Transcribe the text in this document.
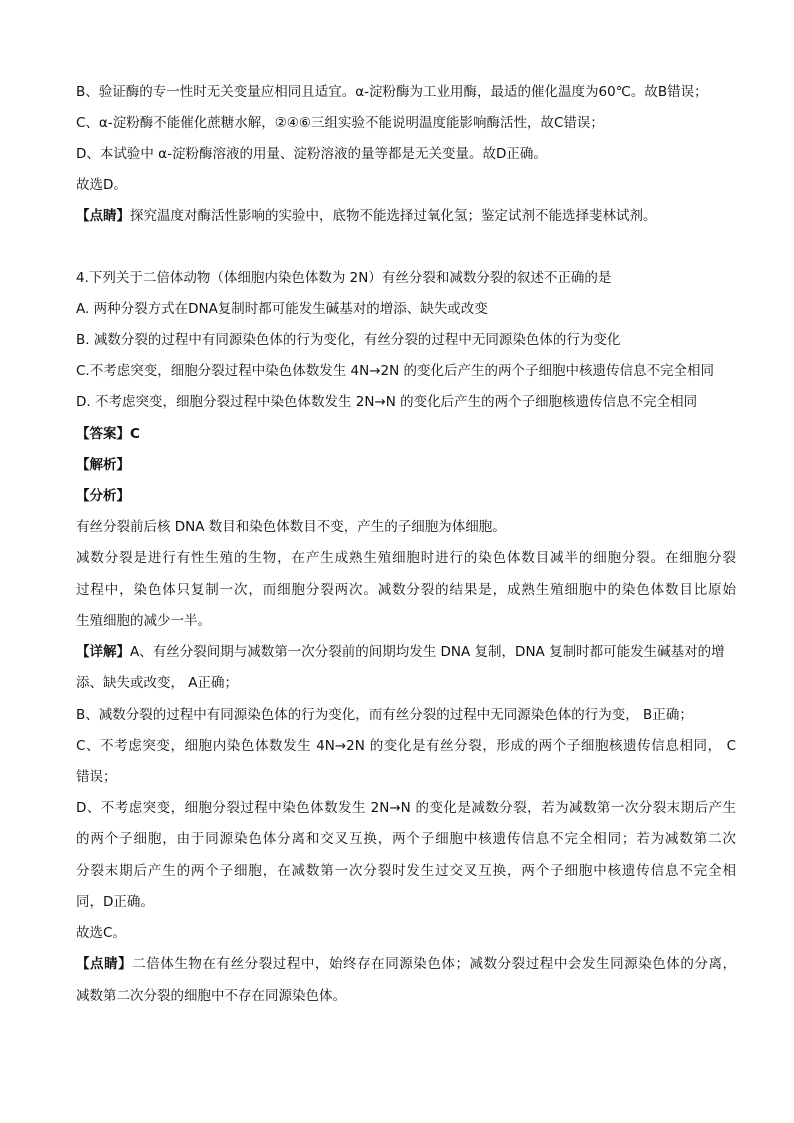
B、验证酶的专一性时无关变量应相同且适宜。α-淀粉酶为工业用酶，最适的催化温度为60℃。故B错误；
C、α-淀粉酶不能催化蔗糖水解，②④⑥三组实验不能说明温度能影响酶活性，故C错误；
D、本试验中 α-淀粉酶溶液的用量、淀粉溶液的量等都是无关变量。故D正确。
故选D。
【点睛】探究温度对酶活性影响的实验中，底物不能选择过氧化氢；鉴定试剂不能选择斐林试剂。
4.下列关于二倍体动物（体细胞内染色体数为 2N）有丝分裂和减数分裂的叙述不正确的是
A. 两种分裂方式在DNA复制时都可能发生碱基对的增添、缺失或改变
B. 减数分裂的过程中有同源染色体的行为变化，有丝分裂的过程中无同源染色体的行为变化
C.不考虑突变，细胞分裂过程中染色体数发生 4N→2N 的变化后产生的两个子细胞中核遗传信息不完全相同
D. 不考虑突变，细胞分裂过程中染色体数发生 2N→N 的变化后产生的两个子细胞核遗传信息不完全相同
【答案】C
【解析】
【分析】
有丝分裂前后核 DNA 数目和染色体数目不变，产生的子细胞为体细胞。
减数分裂是进行有性生殖的生物，在产生成熟生殖细胞时进行的染色体数目减半的细胞分裂。在细胞分裂
过程中，染色体只复制一次，而细胞分裂两次。减数分裂的结果是，成熟生殖细胞中的染色体数目比原始
生殖细胞的减少一半。
【详解】A、有丝分裂间期与减数第一次分裂前的间期均发生 DNA 复制，DNA 复制时都可能发生碱基对的增
添、缺失或改变， A正确；
B、减数分裂的过程中有同源染色体的行为变化，而有丝分裂的过程中无同源染色体的行为变， B正确；
C、不考虑突变，细胞内染色体数发生 4N→2N 的变化是有丝分裂，形成的两个子细胞核遗传信息相同， C
错误；
D、不考虑突变，细胞分裂过程中染色体数发生 2N→N 的变化是减数分裂，若为减数第一次分裂末期后产生
的两个子细胞，由于同源染色体分离和交叉互换，两个子细胞中核遗传信息不完全相同；若为减数第二次
分裂末期后产生的两个子细胞，在减数第一次分裂时发生过交叉互换，两个子细胞中核遗传信息不完全相
同，D正确。
故选C。
【点睛】二倍体生物在有丝分裂过程中，始终存在同源染色体；减数分裂过程中会发生同源染色体的分离，
减数第二次分裂的细胞中不存在同源染色体。
